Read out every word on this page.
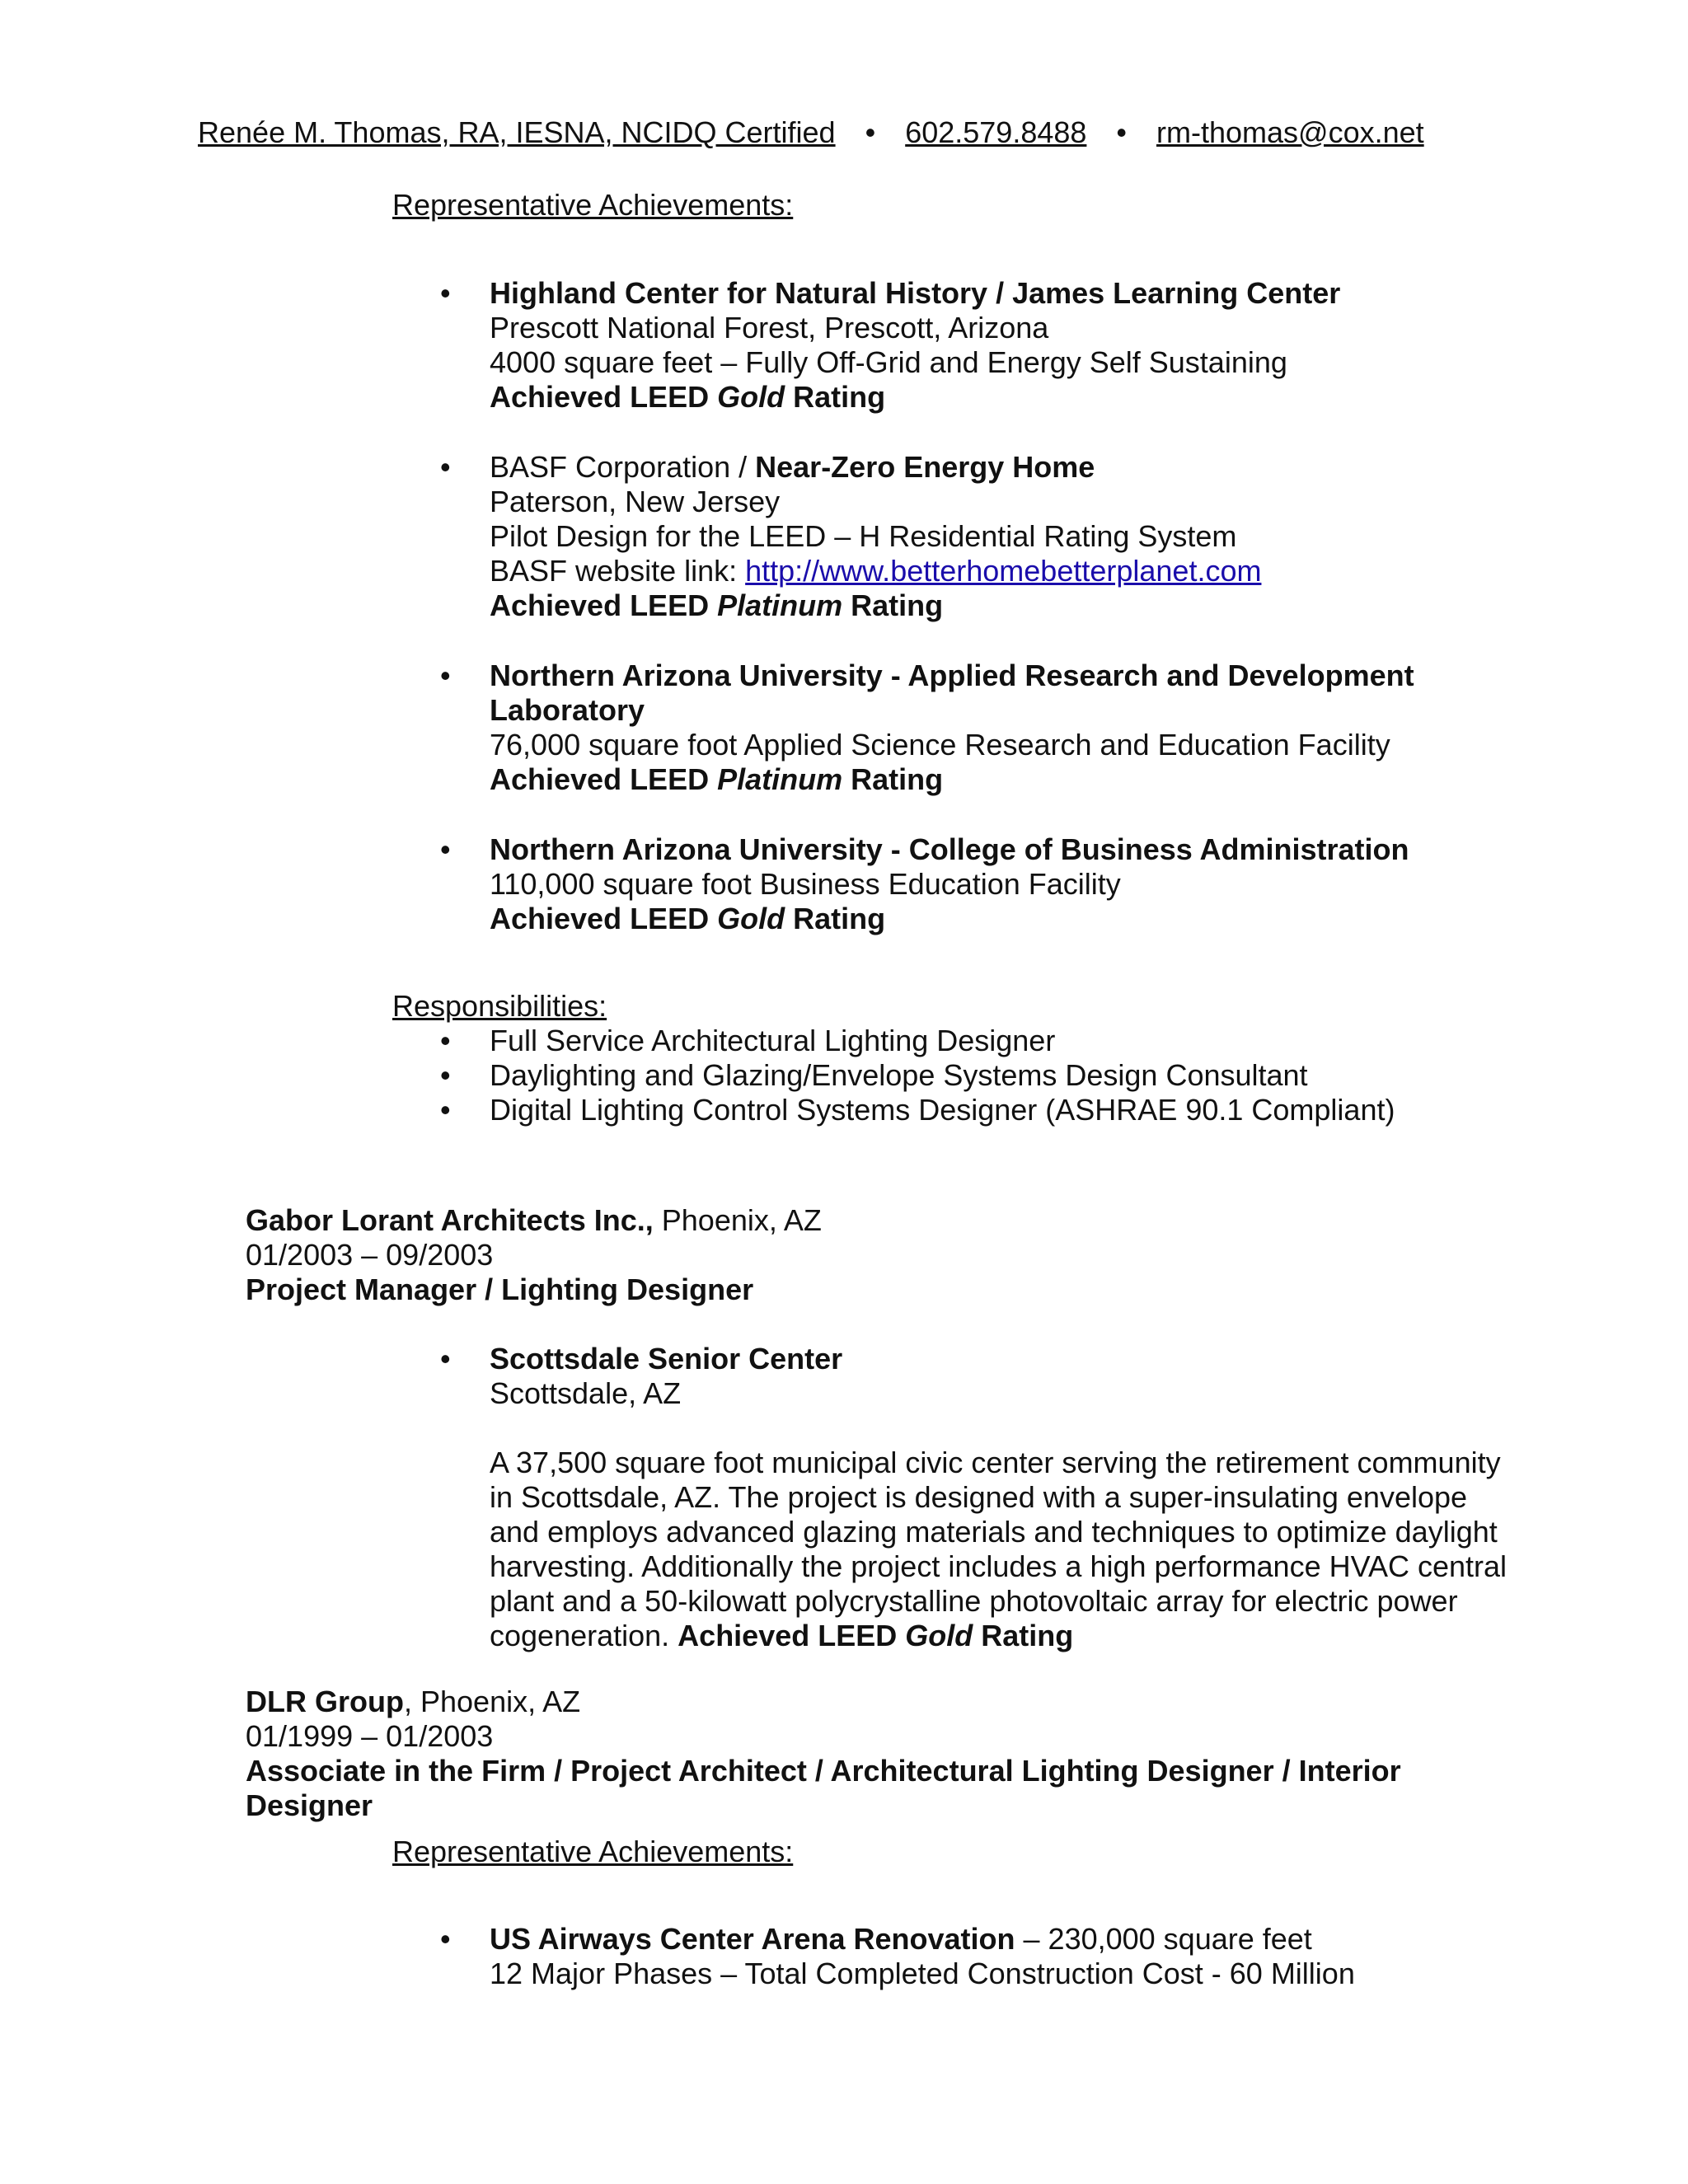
Renée M. Thomas, RA, IESNA, NCIDQ Certified • 602.579.8488 • rm-thomas@cox.net
Representative Achievements:
•	Highland Center for Natural History / James Learning Center
Prescott National Forest, Prescott, Arizona
4000 square feet – Fully Off-Grid and Energy Self Sustaining
Achieved LEED Gold Rating
•	BASF Corporation / Near-Zero Energy Home
Paterson, New Jersey
Pilot Design for the LEED – H Residential Rating System
BASF website link: http://www.betterhomebetterplanet.com
Achieved LEED Platinum Rating
•	Northern Arizona University - Applied Research and Development
Laboratory
76,000 square foot Applied Science Research and Education Facility
Achieved LEED Platinum Rating
•	Northern Arizona University - College of Business Administration
110,000 square foot Business Education Facility
Achieved LEED Gold Rating
Responsibilities:
• Full Service Architectural Lighting Designer
• Daylighting and Glazing/Envelope Systems Design Consultant
• Digital Lighting Control Systems Designer (ASHRAE 90.1 Compliant)
Gabor Lorant Architects Inc., Phoenix, AZ
01/2003 – 09/2003
Project Manager / Lighting Designer
•	Scottsdale Senior Center
Scottsdale, AZ
A 37,500 square foot municipal civic center serving the retirement community in Scottsdale, AZ. The project is designed with a super-insulating envelope and employs advanced glazing materials and techniques to optimize daylight harvesting. Additionally the project includes a high performance HVAC central plant and a 50-kilowatt polycrystalline photovoltaic array for electric power cogeneration. Achieved LEED Gold Rating
DLR Group, Phoenix, AZ
01/1999 – 01/2003
Associate in the Firm / Project Architect / Architectural Lighting Designer / Interior Designer
Representative Achievements:
•	US Airways Center Arena Renovation – 230,000 square feet
12 Major Phases – Total Completed Construction Cost - 60 Million
